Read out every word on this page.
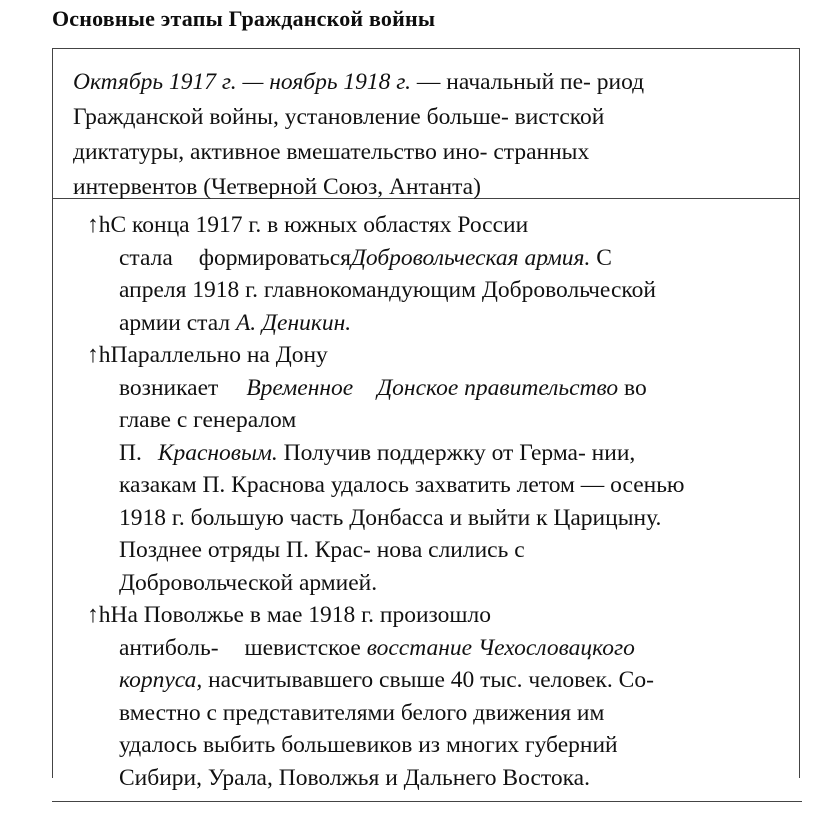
Основные этапы Гражданской войны
Октябрь 1917 г. — ноябрь 1918 г. — начальный пе- риод
Гражданской войны, установление больше- вистской
диктатуры, активное вмешательство ино- странных
интервентов (Четверной Союз, Антанта)
↑hС конца 1917 г. в южных областях России
стала формироватьсяДобровольческая армия. С
апреля 1918 г. главнокомандующим Добровольческой
армии стал А. Деникин.
↑hПараллельно на Дону
возникает Временное Донское правительство во
главе с генералом
П. Красновым. Получив поддержку от Герма- нии,
казакам П. Краснова удалось захватить летом — осенью
1918 г. большую часть Донбасса и выйти к Царицыну.
Позднее отряды П. Крас- нова слились с
Добровольческой армией.
↑hНа Поволжье в мае 1918 г. произошло
антиболь- шевистское восстание Чехословацкого
корпуса, насчитывавшего свыше 40 тыс. человек. Со-
вместно с представителями белого движения им
удалось выбить большевиков из многих губерний
Сибири, Урала, Поволжья и Дальнего Востока.
